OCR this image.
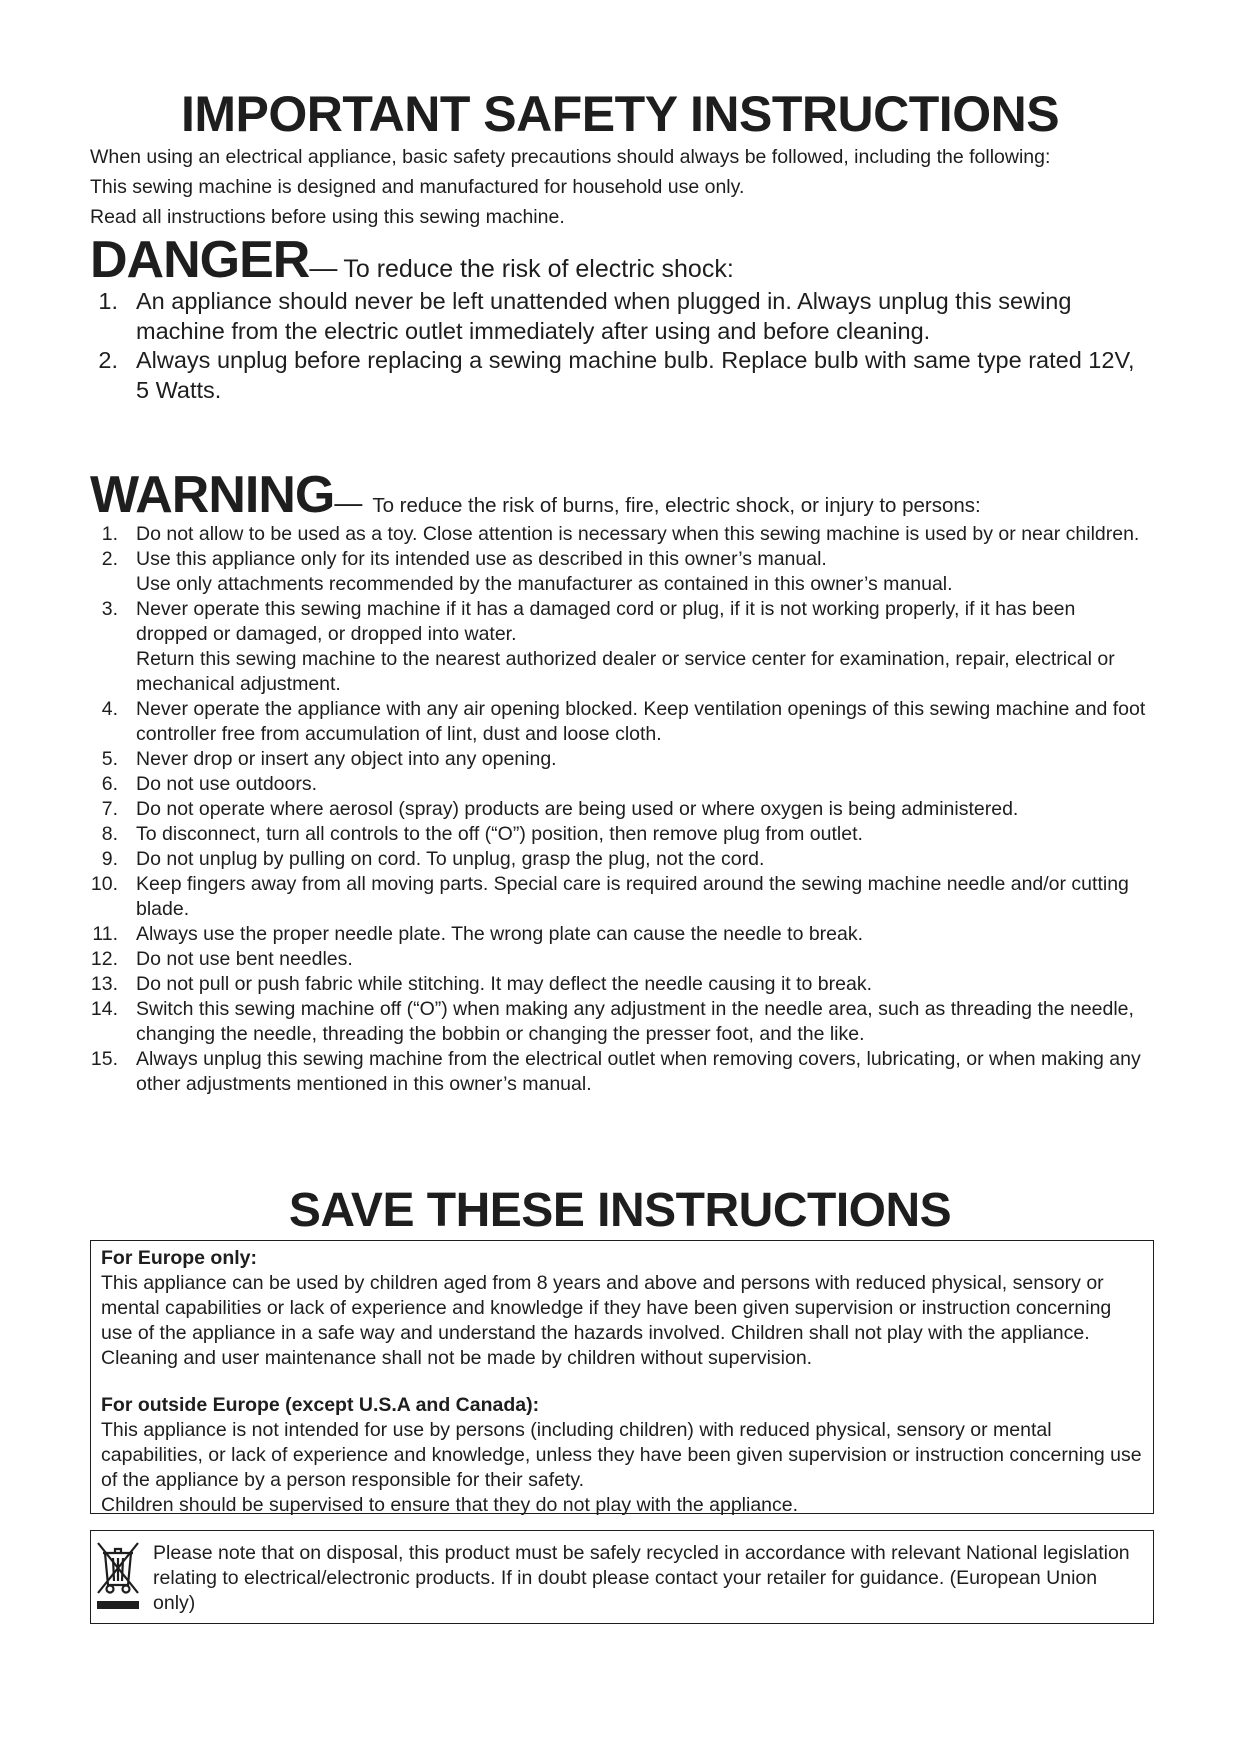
IMPORTANT SAFETY INSTRUCTIONS

When using an electrical appliance, basic safety precautions should always be followed, including the following:

This sewing machine is designed and manufactured for household use only.

Read all instructions before using this sewing machine.

DANGER— To reduce the risk of electric shock:
1. An appliance should never be left unattended when plugged in. Always unplug this sewing machine from the electric outlet immediately after using and before cleaning.
2. Always unplug before replacing a sewing machine bulb. Replace bulb with same type rated 12V, 5 Watts.
WARNING— To reduce the risk of burns, fire, electric shock, or injury to persons:
1. Do not allow to be used as a toy. Close attention is necessary when this sewing machine is used by or near children.
2. Use this appliance only for its intended use as described in this owner’s manual.
Use only attachments recommended by the manufacturer as contained in this owner’s manual.
3. Never operate this sewing machine if it has a damaged cord or plug, if it is not working properly, if it has been dropped or damaged, or dropped into water.
Return this sewing machine to the nearest authorized dealer or service center for examination, repair, electrical or mechanical adjustment.
4. Never operate the appliance with any air opening blocked. Keep ventilation openings of this sewing machine and foot controller free from accumulation of lint, dust and loose cloth.
5. Never drop or insert any object into any opening.
6. Do not use outdoors.
7. Do not operate where aerosol (spray) products are being used or where oxygen is being administered.
8. To disconnect, turn all controls to the off (“O”) position, then remove plug from outlet.
9. Do not unplug by pulling on cord. To unplug, grasp the plug, not the cord.
10. Keep fingers away from all moving parts. Special care is required around the sewing machine needle and/or cutting blade.
11. Always use the proper needle plate. The wrong plate can cause the needle to break.
12. Do not use bent needles.
13. Do not pull or push fabric while stitching. It may deflect the needle causing it to break.
14. Switch this sewing machine off (“O”) when making any adjustment in the needle area, such as threading the needle, changing the needle, threading the bobbin or changing the presser foot, and the like.
15. Always unplug this sewing machine from the electrical outlet when removing covers, lubricating, or when making any other adjustments mentioned in this owner’s manual.
SAVE THESE INSTRUCTIONS

For Europe only:

This appliance can be used by children aged from 8 years and above and persons with reduced physical, sensory or mental capabilities or lack of experience and knowledge if they have been given supervision or instruction concerning use of the appliance in a safe way and understand the hazards involved. Children shall not play with the appliance. Cleaning and user maintenance shall not be made by children without supervision.

For outside Europe (except U.S.A and Canada):

This appliance is not intended for use by persons (including children) with reduced physical, sensory or mental capabilities, or lack of experience and knowledge, unless they have been given supervision or instruction concerning use of the appliance by a person responsible for their safety.

Children should be supervised to ensure that they do not play with the appliance.

Please note that on disposal, this product must be safely recycled in accordance with relevant National legislation relating to electrical/electronic products. If in doubt please contact your retailer for guidance. (European Union only)
